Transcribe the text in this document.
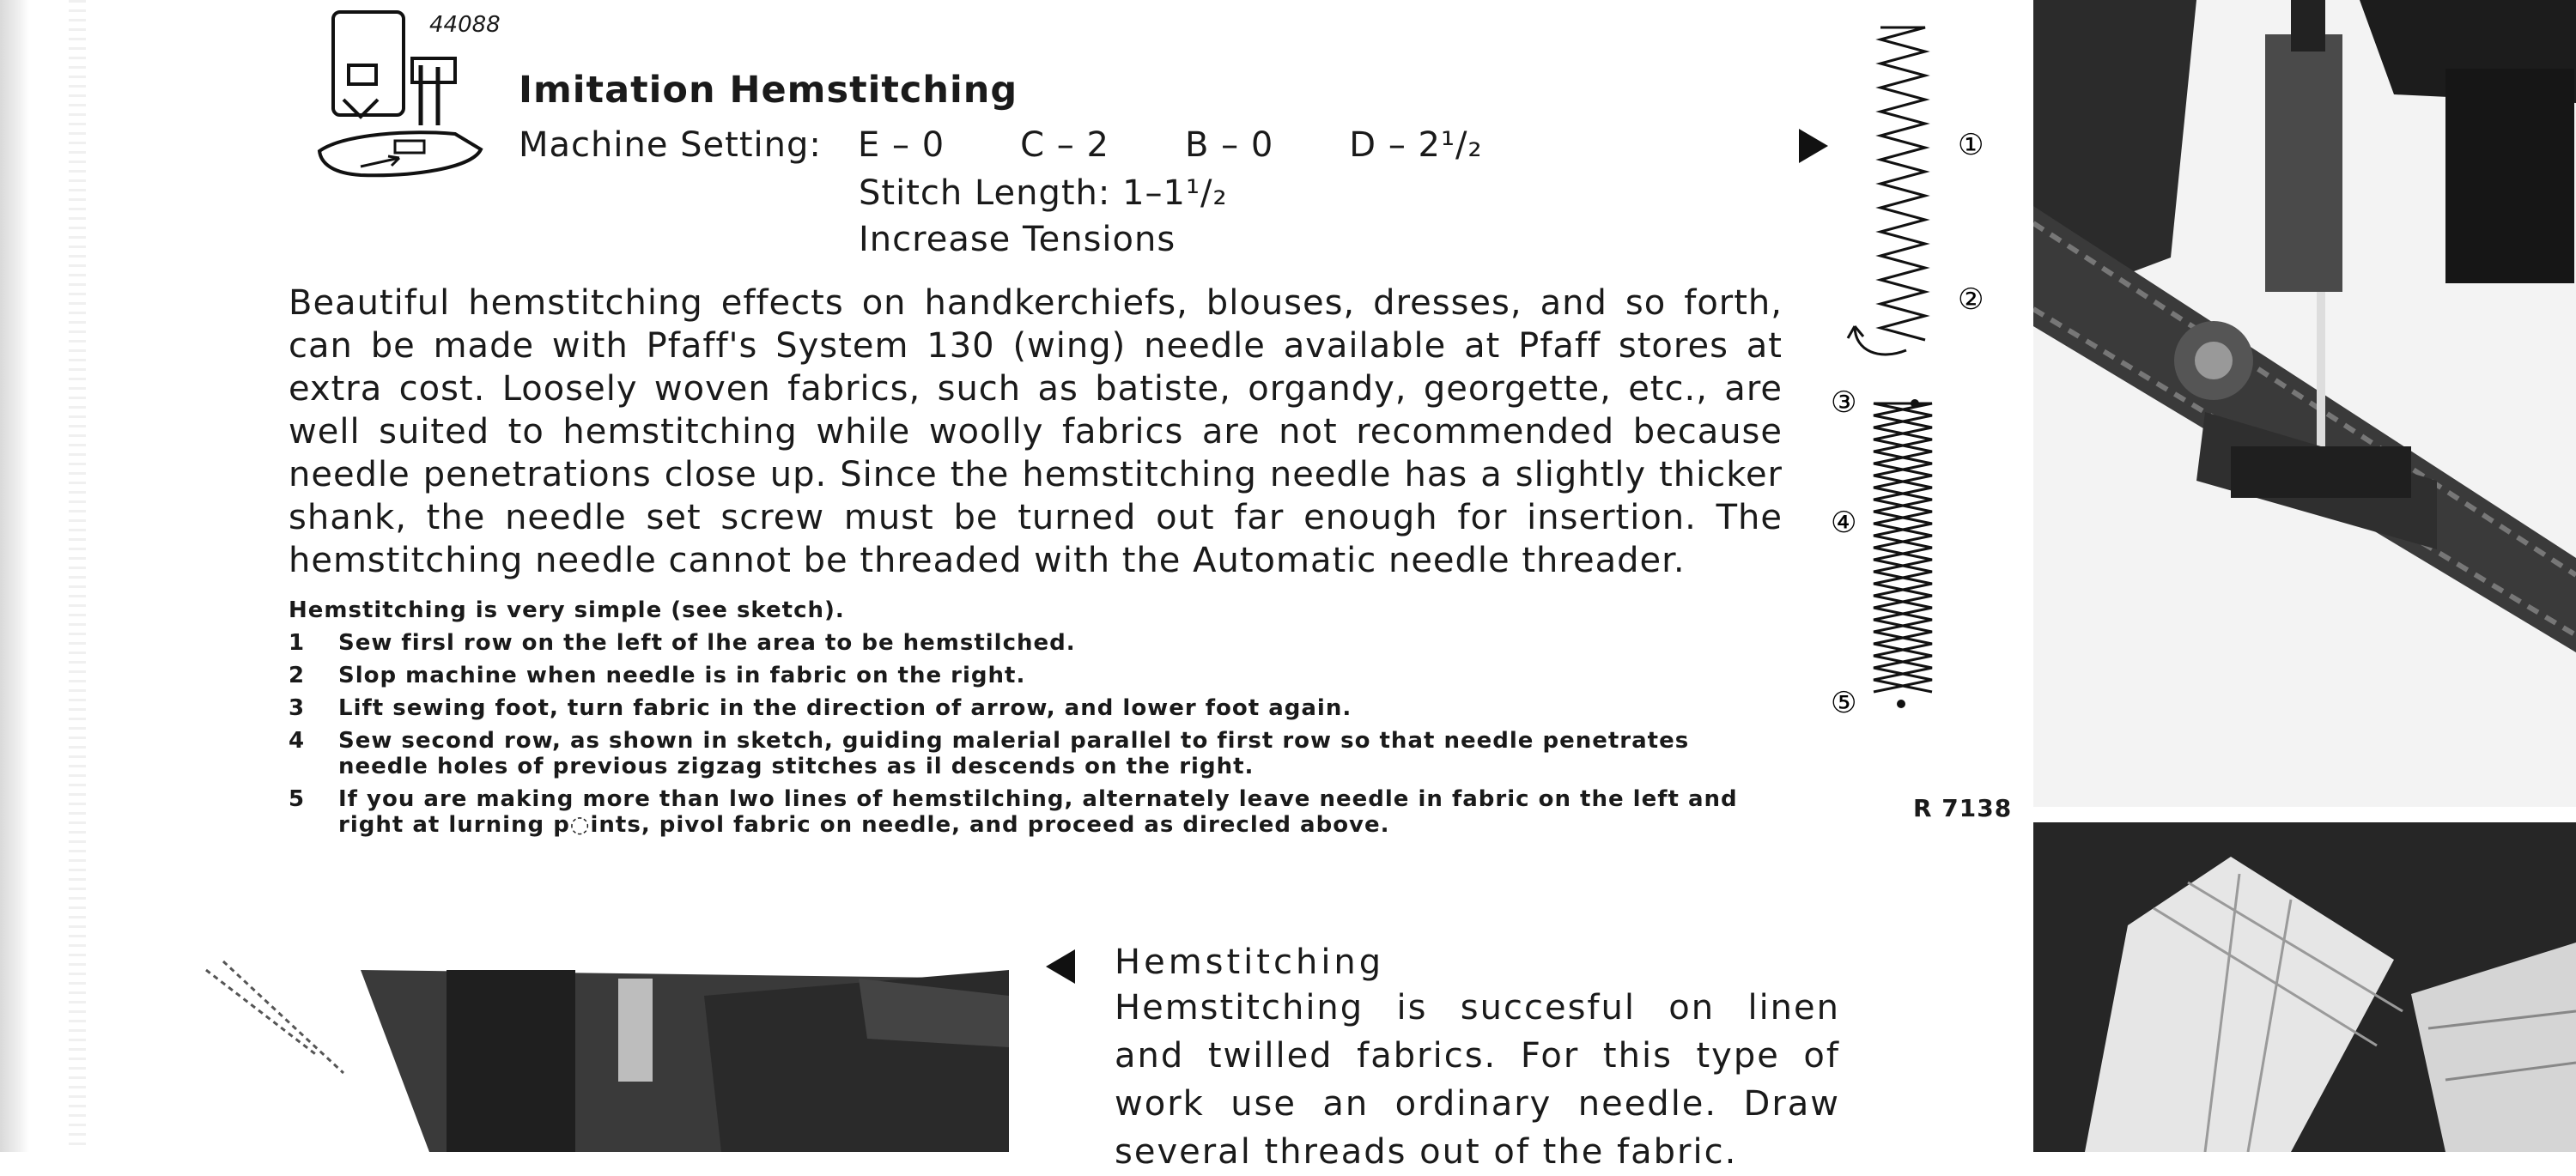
44088
Imitation Hemstitching
Machine Setting: E – 0 C – 2 B – 0 D – 2¹/₂
Stitch Length: 1–1¹/₂
Increase Tensions

Beautiful hemstitching effects on handkerchiefs, blouses, dresses, and so forth, can be made with Pfaff's System 130 (wing) needle available at Pfaff stores at extra cost. Loosely woven fabrics, such as batiste, organdy, georgette, etc., are well suited to hemstitching while woolly fabrics are not recommended because needle penetrations close up. Since the hemstitching needle has a slightly thicker shank, the needle set screw must be turned out far enough for insertion. The hemstitching needle cannot be threaded with the Automatic needle threader.

Hemstitching is very simple (see sketch).
1	Sew firsl row on the left of lhe area to be hemstilched.
2	Slop machine when needle is in fabric on the right.
3	Lift sewing foot, turn fabric in the direction of arrow, and lower foot again.
4	Sew second row, as shown in sketch, guiding malerial parallel to first row so that needle penetrates needle holes of previous zigzag stitches as il descends on the right.
5	If you are making more than lwo lines of hemstilching, alternately leave needle in fabric on the left and right at lurning p◌ints, pivol fabric on needle, and proceed as direcled above.
①
②
③
④
⑤
R 7138
Hemstitching

Hemstitching is succesful on linen and twilled fabrics. For this type of work use an ordinary needle. Draw several threads out of the fabric.
